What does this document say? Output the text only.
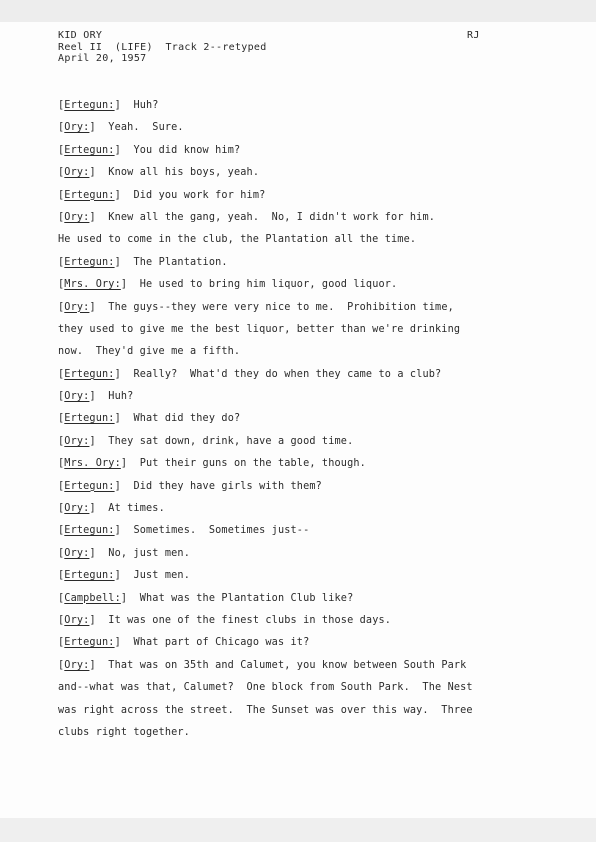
KID ORY
Reel II  (LIFE)  Track 2--retyped
April 20, 1957
RJ
[Ertegun:]  Huh?
[Ory:]  Yeah.  Sure.
[Ertegun:]  You did know him?
[Ory:]  Know all his boys, yeah.
[Ertegun:]  Did you work for him?
[Ory:]  Knew all the gang, yeah.  No, I didn't work for him.
He used to come in the club, the Plantation all the time.
[Ertegun:]  The Plantation.
[Mrs. Ory:]  He used to bring him liquor, good liquor.
[Ory:]  The guys--they were very nice to me.  Prohibition time,
they used to give me the best liquor, better than we're drinking
now.  They'd give me a fifth.
[Ertegun:]  Really?  What'd they do when they came to a club?
[Ory:]  Huh?
[Ertegun:]  What did they do?
[Ory:]  They sat down, drink, have a good time.
[Mrs. Ory:]  Put their guns on the table, though.
[Ertegun:]  Did they have girls with them?
[Ory:]  At times.
[Ertegun:]  Sometimes.  Sometimes just--
[Ory:]  No, just men.
[Ertegun:]  Just men.
[Campbell:]  What was the Plantation Club like?
[Ory:]  It was one of the finest clubs in those days.
[Ertegun:]  What part of Chicago was it?
[Ory:]  That was on 35th and Calumet, you know between South Park
and--what was that, Calumet?  One block from South Park.  The Nest
was right across the street.  The Sunset was over this way.  Three
clubs right together.
